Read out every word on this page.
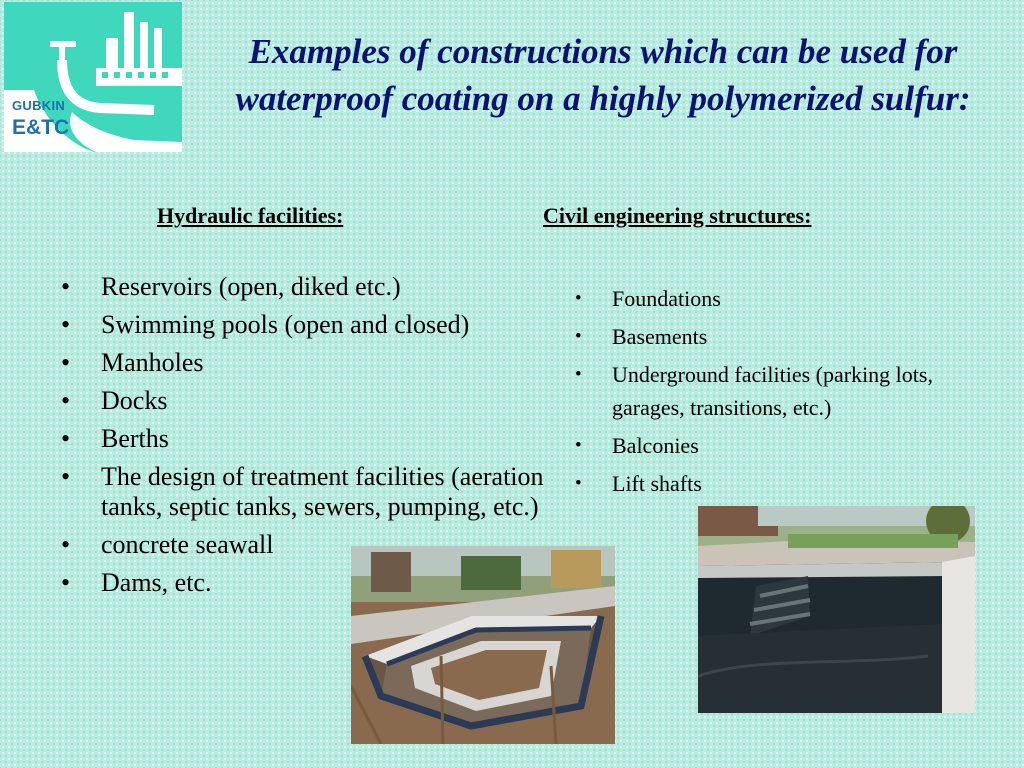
GUBKIN
E&TC
Examples of constructions which can be used for waterproof coating on a highly polymerized sulfur:
Hydraulic facilities:	Civil engineering structures:
• Reservoirs (open, diked etc.)
• Swimming pools (open and closed)
• Manholes
• Docks
• Berths
• The design of treatment facilities (aeration tanks, septic tanks, sewers, pumping, etc.)
• concrete seawall
• Dams, etc.
• Foundations
• Basements
• Underground facilities (parking lots, garages, transitions, etc.)
• Balconies
• Lift shafts
